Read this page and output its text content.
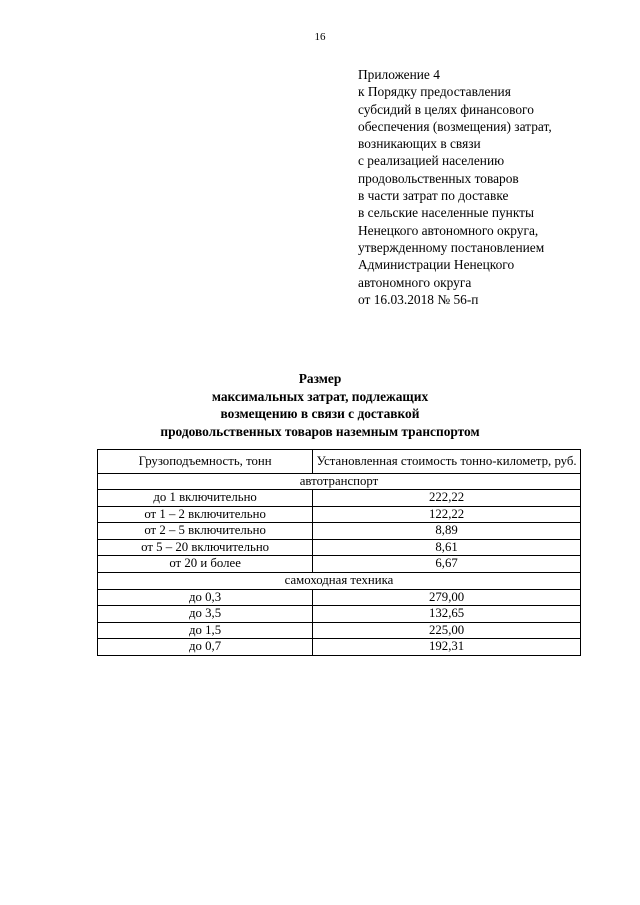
16
Приложение 4
к Порядку предоставления
субсидий в целях финансового
обеспечения (возмещения) затрат,
возникающих в связи
с реализацией населению
продовольственных товаров
в части затрат по доставке
в сельские населенные пункты
Ненецкого автономного округа,
утвержденному постановлением
Администрации Ненецкого
автономного округа
от 16.03.2018 № 56-п
Размер
максимальных затрат, подлежащих
возмещению в связи с доставкой
продовольственных товаров наземным транспортом
Грузоподъемность, тонн	Установленная стоимость тонно-километр, руб.
автотранспорт	
до 1 включительно	222,22
от 1 – 2 включительно	122,22
от 2 – 5 включительно	8,89
от 5 – 20 включительно	8,61
от 20 и более	6,67
самоходная техника	
до 0,3	279,00
до 3,5	132,65
до 1,5	225,00
до 0,7	192,31
